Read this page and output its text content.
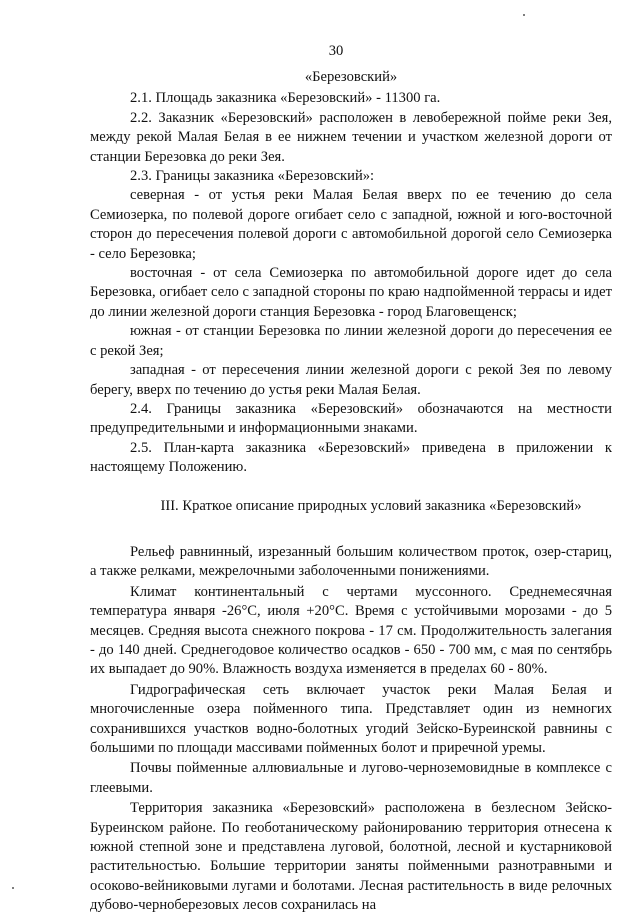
30
«Березовский»

2.1. Площадь заказника «Березовский» - 11300 га.

2.2. Заказник «Березовский» расположен в левобережной пойме реки Зея, между рекой Малая Белая в ее нижнем течении и участком железной дороги от станции Березовка до реки Зея.

2.3. Границы заказника «Березовский»:

северная - от устья реки Малая Белая вверх по ее течению до села Семиозерка, по полевой дороге огибает село с западной, южной и юго-восточной сторон до пересечения полевой дороги с автомобильной дорогой село Семиозерка - село Березовка;

восточная - от села Семиозерка по автомобильной дороге идет до села Березовка, огибает село с западной стороны по краю надпойменной террасы и идет до линии железной дороги станция Березовка - город Благовещенск;

южная - от станции Березовка по линии железной дороги до пересечения ее с рекой Зея;

западная - от пересечения линии железной дороги с рекой Зея по левому берегу, вверх по течению до устья реки Малая Белая.

2.4. Границы заказника «Березовский» обозначаются на местности предупредительными и информационными знаками.

2.5. План-карта заказника «Березовский» приведена в приложении к настоящему Положению.

III. Краткое описание природных условий заказника «Березовский»

Рельеф равнинный, изрезанный большим количеством проток, озер-стариц, а также релками, межрелочными заболоченными понижениями.

Климат континентальный с чертами муссонного. Среднемесячная температура января -26°С, июля +20°С. Время с устойчивыми морозами - до 5 месяцев. Средняя высота снежного покрова - 17 см. Продолжительность залегания - до 140 дней. Среднегодовое количество осадков - 650 - 700 мм, с мая по сентябрь их выпадает до 90%. Влажность воздуха изменяется в пределах 60 - 80%.

Гидрографическая сеть включает участок реки Малая Белая и многочисленные озера пойменного типа. Представляет один из немногих сохранившихся участков водно-болотных угодий Зейско-Буреинской равнины с большими по площади массивами пойменных болот и приречной уремы.

Почвы пойменные аллювиальные и лугово-черноземовидные в комплексе с глеевыми.

Территория заказника «Березовский» расположена в безлесном Зейско-Буреинском районе. По геоботаническому районированию территория отнесена к южной степной зоне и представлена луговой, болотной, лесной и кустарниковой растительностью. Большие территории заняты пойменными разнотравными и осоково-вейниковыми лугами и болотами. Лесная растительность в виде релочных дубово-черноберезовых лесов сохранилась на
